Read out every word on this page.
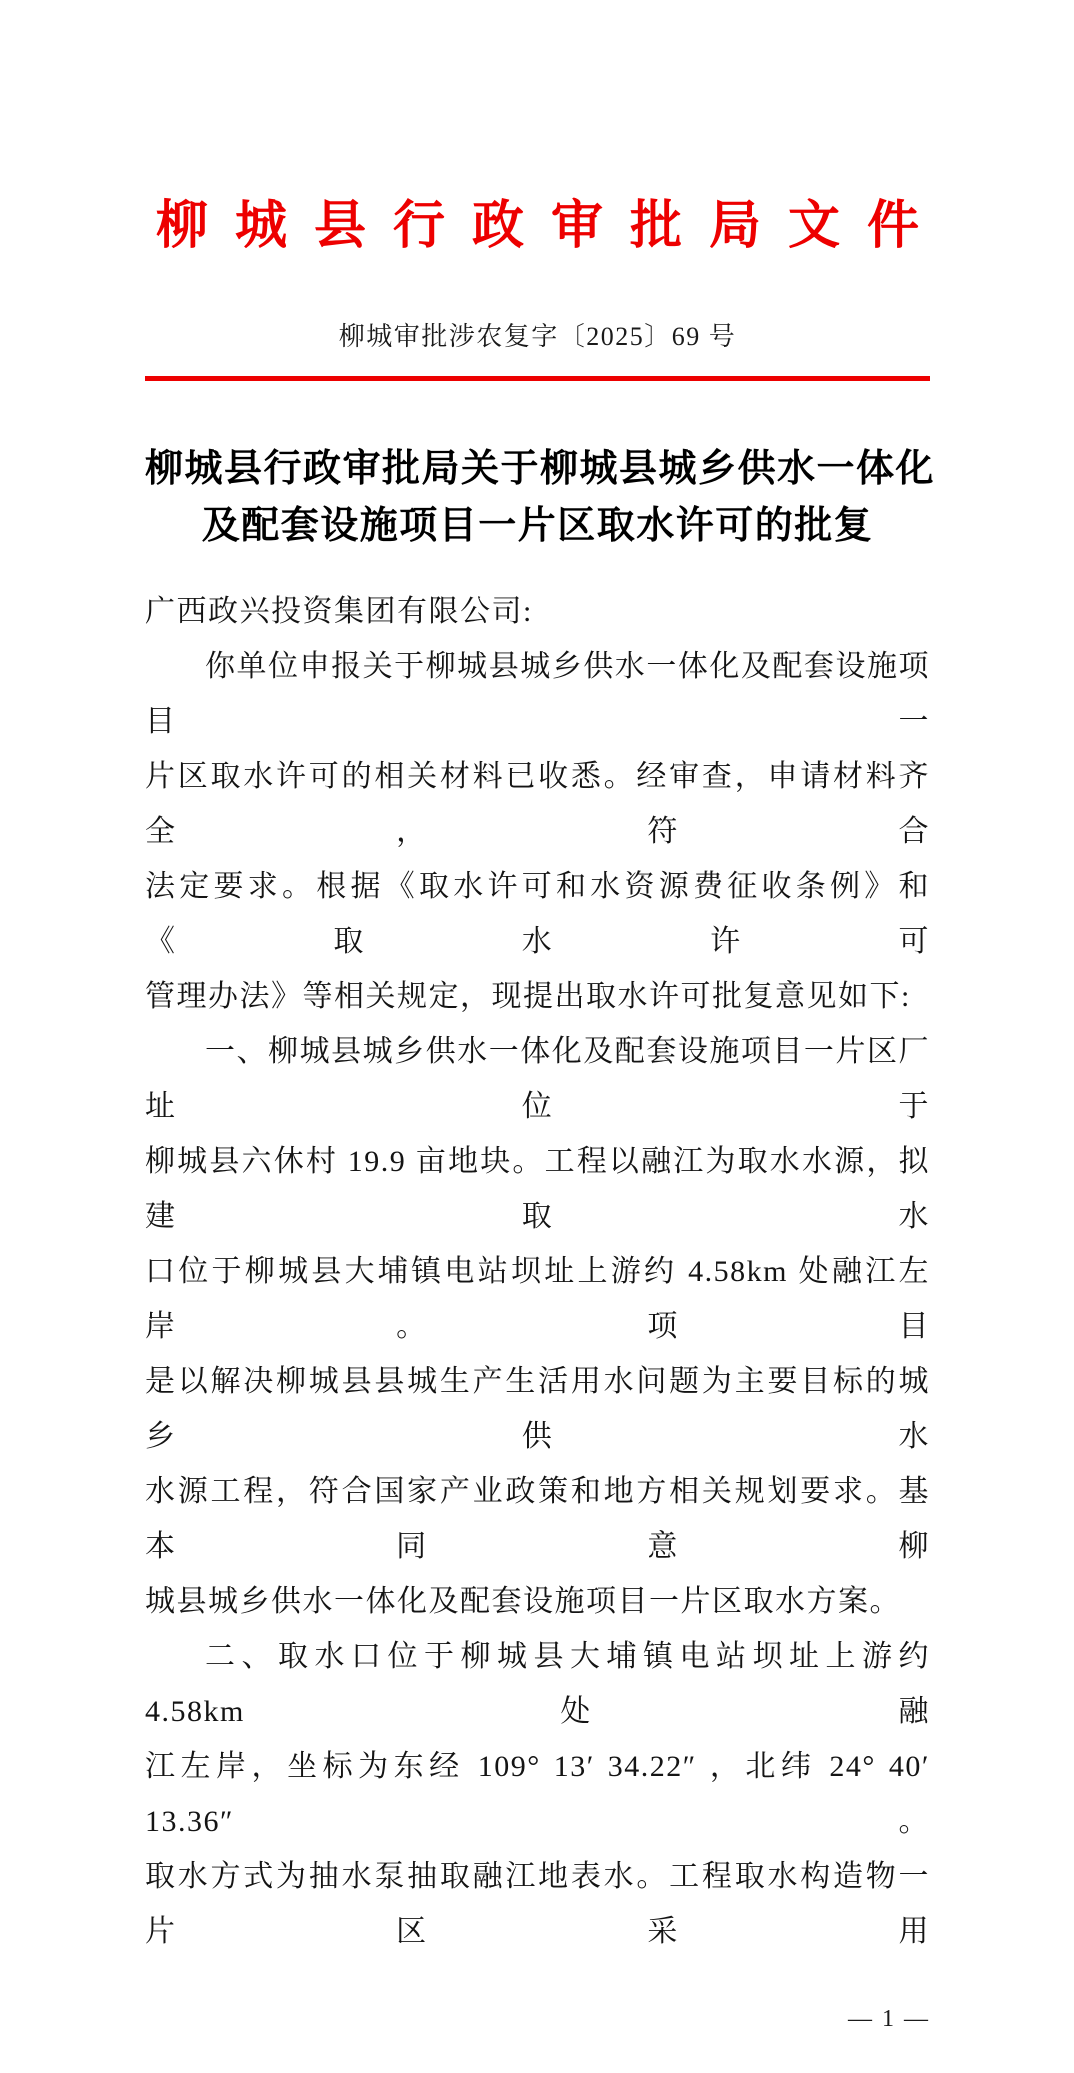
柳城县行政审批局文件
柳城审批涉农复字〔2025〕69 号
柳城县行政审批局关于柳城县城乡供水一体化
及配套设施项目一片区取水许可的批复
广西政兴投资集团有限公司:
你单位申报关于柳城县城乡供水一体化及配套设施项目一
片区取水许可的相关材料已收悉。经审查，申请材料齐全，符合
法定要求。根据《取水许可和水资源费征收条例》和《取水许可
管理办法》等相关规定，现提出取水许可批复意见如下:
一、柳城县城乡供水一体化及配套设施项目一片区厂址位于
柳城县六休村 19.9 亩地块。工程以融江为取水水源，拟建取水
口位于柳城县大埔镇电站坝址上游约 4.58km 处融江左岸。项目
是以解决柳城县县城生产生活用水问题为主要目标的城乡供水
水源工程，符合国家产业政策和地方相关规划要求。基本同意柳
城县城乡供水一体化及配套设施项目一片区取水方案。
二、取水口位于柳城县大埔镇电站坝址上游约 4.58km 处融
江左岸，坐标为东经 109° 13′ 34.22″ ，北纬 24° 40′ 13.36″ 。
取水方式为抽水泵抽取融江地表水。工程取水构造物一片区采用
— 1 —
